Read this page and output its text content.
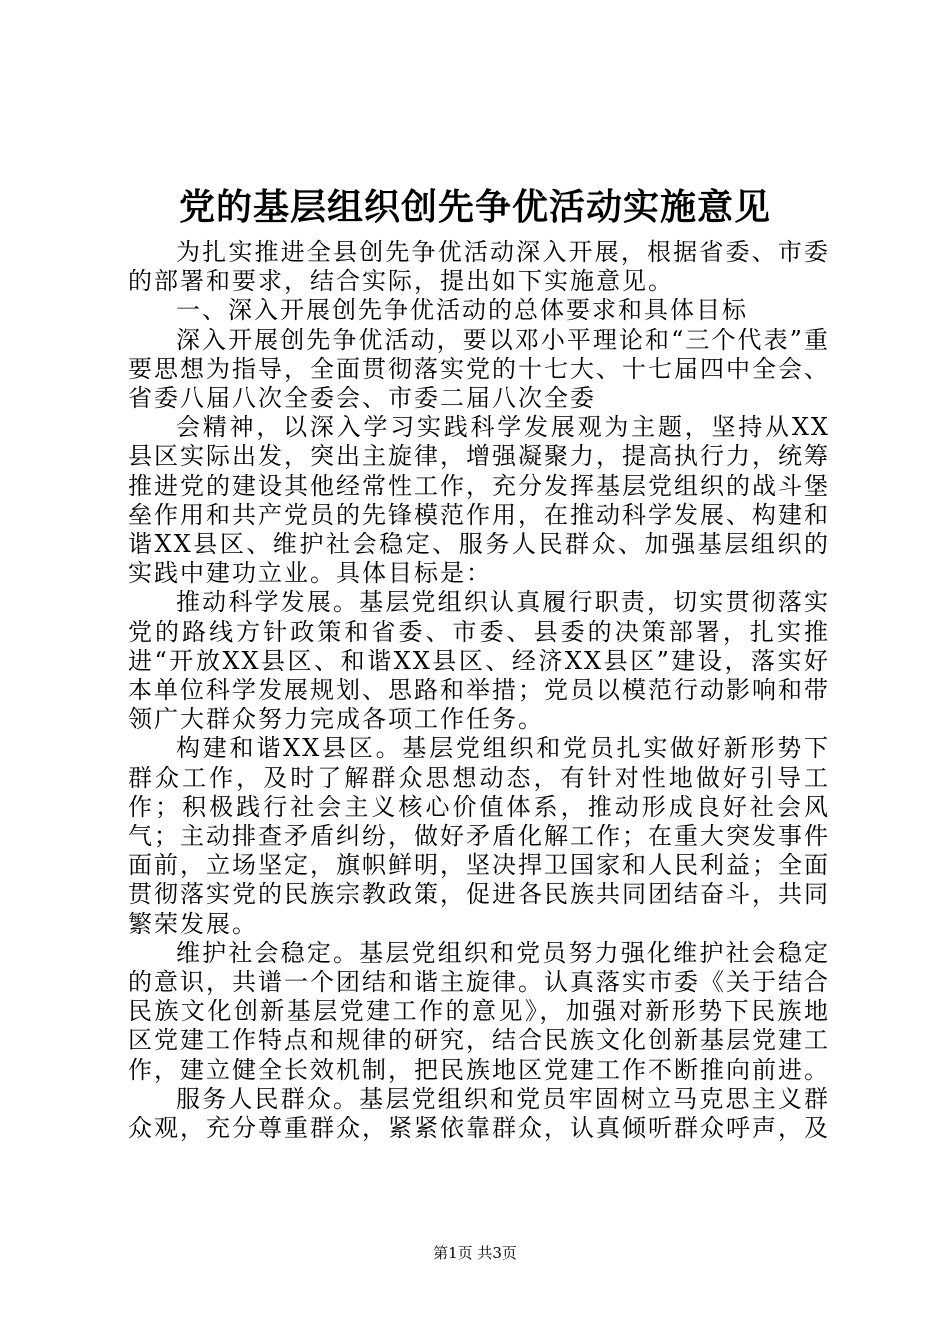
党的基层组织创先争优活动实施意见

为扎实推进全县创先争优活动深入开展，根据省委、市委的部署和要求，结合实际，提出如下实施意见。

一、深入开展创先争优活动的总体要求和具体目标

深入开展创先争优活动，要以邓小平理论和“三个代表”重要思想为指导，全面贯彻落实党的十七大、十七届四中全会、省委八届八次全委会、市委二届八次全委

会精神，以深入学习实践科学发展观为主题，坚持从XX县区实际出发，突出主旋律，增强凝聚力，提高执行力，统筹推进党的建设其他经常性工作，充分发挥基层党组织的战斗堡垒作用和共产党员的先锋模范作用，在推动科学发展、构建和谐XX县区、维护社会稳定、服务人民群众、加强基层组织的实践中建功立业。具体目标是：

推动科学发展。基层党组织认真履行职责，切实贯彻落实党的路线方针政策和省委、市委、县委的决策部署，扎实推进“开放XX县区、和谐XX县区、经济XX县区”建设，落实好本单位科学发展规划、思路和举措；党员以模范行动影响和带领广大群众努力完成各项工作任务。

构建和谐XX县区。基层党组织和党员扎实做好新形势下群众工作，及时了解群众思想动态，有针对性地做好引导工作；积极践行社会主义核心价值体系，推动形成良好社会风气；主动排查矛盾纠纷，做好矛盾化解工作；在重大突发事件面前，立场坚定，旗帜鲜明，坚决捍卫国家和人民利益；全面贯彻落实党的民族宗教政策，促进各民族共同团结奋斗，共同繁荣发展。

维护社会稳定。基层党组织和党员努力强化维护社会稳定的意识，共谱一个团结和谐主旋律。认真落实市委《关于结合民族文化创新基层党建工作的意见》，加强对新形势下民族地区党建工作特点和规律的研究，结合民族文化创新基层党建工作，建立健全长效机制，把民族地区党建工作不断推向前进。

服务人民群众。基层党组织和党员牢固树立马克思主义群众观，充分尊重群众，紧紧依靠群众，认真倾听群众呼声，及

第1页 共3页
